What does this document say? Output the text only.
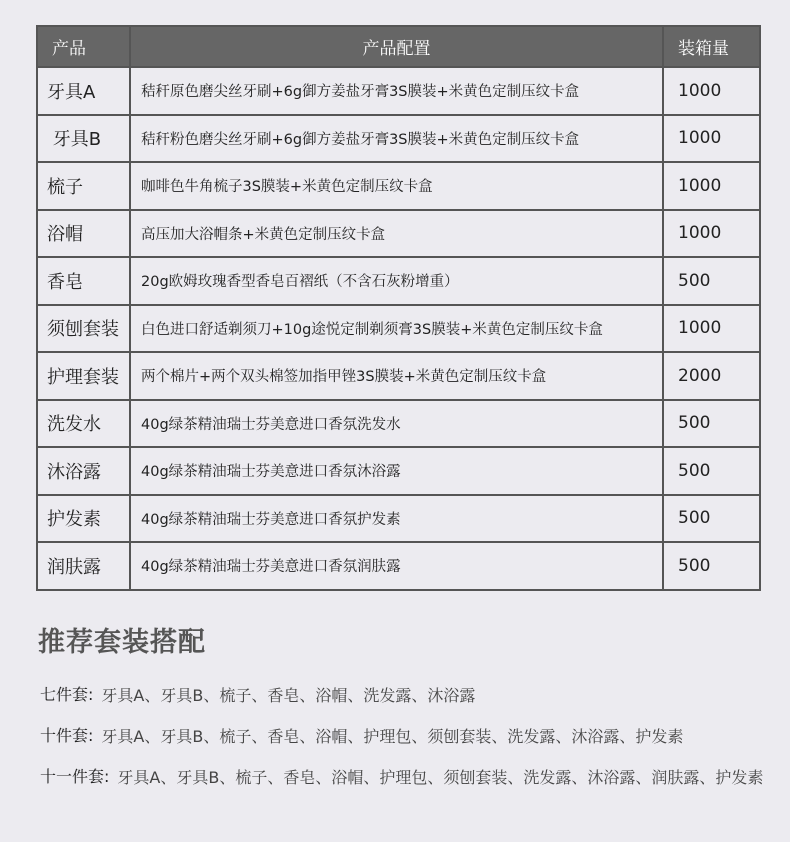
产品	产品配置	装箱量
牙具A	秸秆原色磨尖丝牙刷+6g御方姜盐牙膏3S膜装+米黄色定制压纹卡盒	1000
牙具B	秸秆粉色磨尖丝牙刷+6g御方姜盐牙膏3S膜装+米黄色定制压纹卡盒	1000
梳子	咖啡色牛角梳子3S膜装+米黄色定制压纹卡盒	1000
浴帽	高压加大浴帽条+米黄色定制压纹卡盒	1000
香皂	20g欧姆玫瑰香型香皂百褶纸（不含石灰粉增重）	500
须刨套装	白色进口舒适剃须刀+10g途悦定制剃须膏3S膜装+米黄色定制压纹卡盒	1000
护理套装	两个棉片+两个双头棉签加指甲锉3S膜装+米黄色定制压纹卡盒	2000
洗发水	40g绿茶精油瑞士芬美意进口香氛洗发水	500
沐浴露	40g绿茶精油瑞士芬美意进口香氛沐浴露	500
护发素	40g绿茶精油瑞士芬美意进口香氛护发素	500
润肤露	40g绿茶精油瑞士芬美意进口香氛润肤露	500
推荐套装搭配
七件套: 牙具A、牙具B、梳子、香皂、浴帽、洗发露、沐浴露
十件套: 牙具A、牙具B、梳子、香皂、浴帽、护理包、须刨套装、洗发露、沐浴露、护发素
十一件套: 牙具A、牙具B、梳子、香皂、浴帽、护理包、须刨套装、洗发露、沐浴露、润肤露、护发素
